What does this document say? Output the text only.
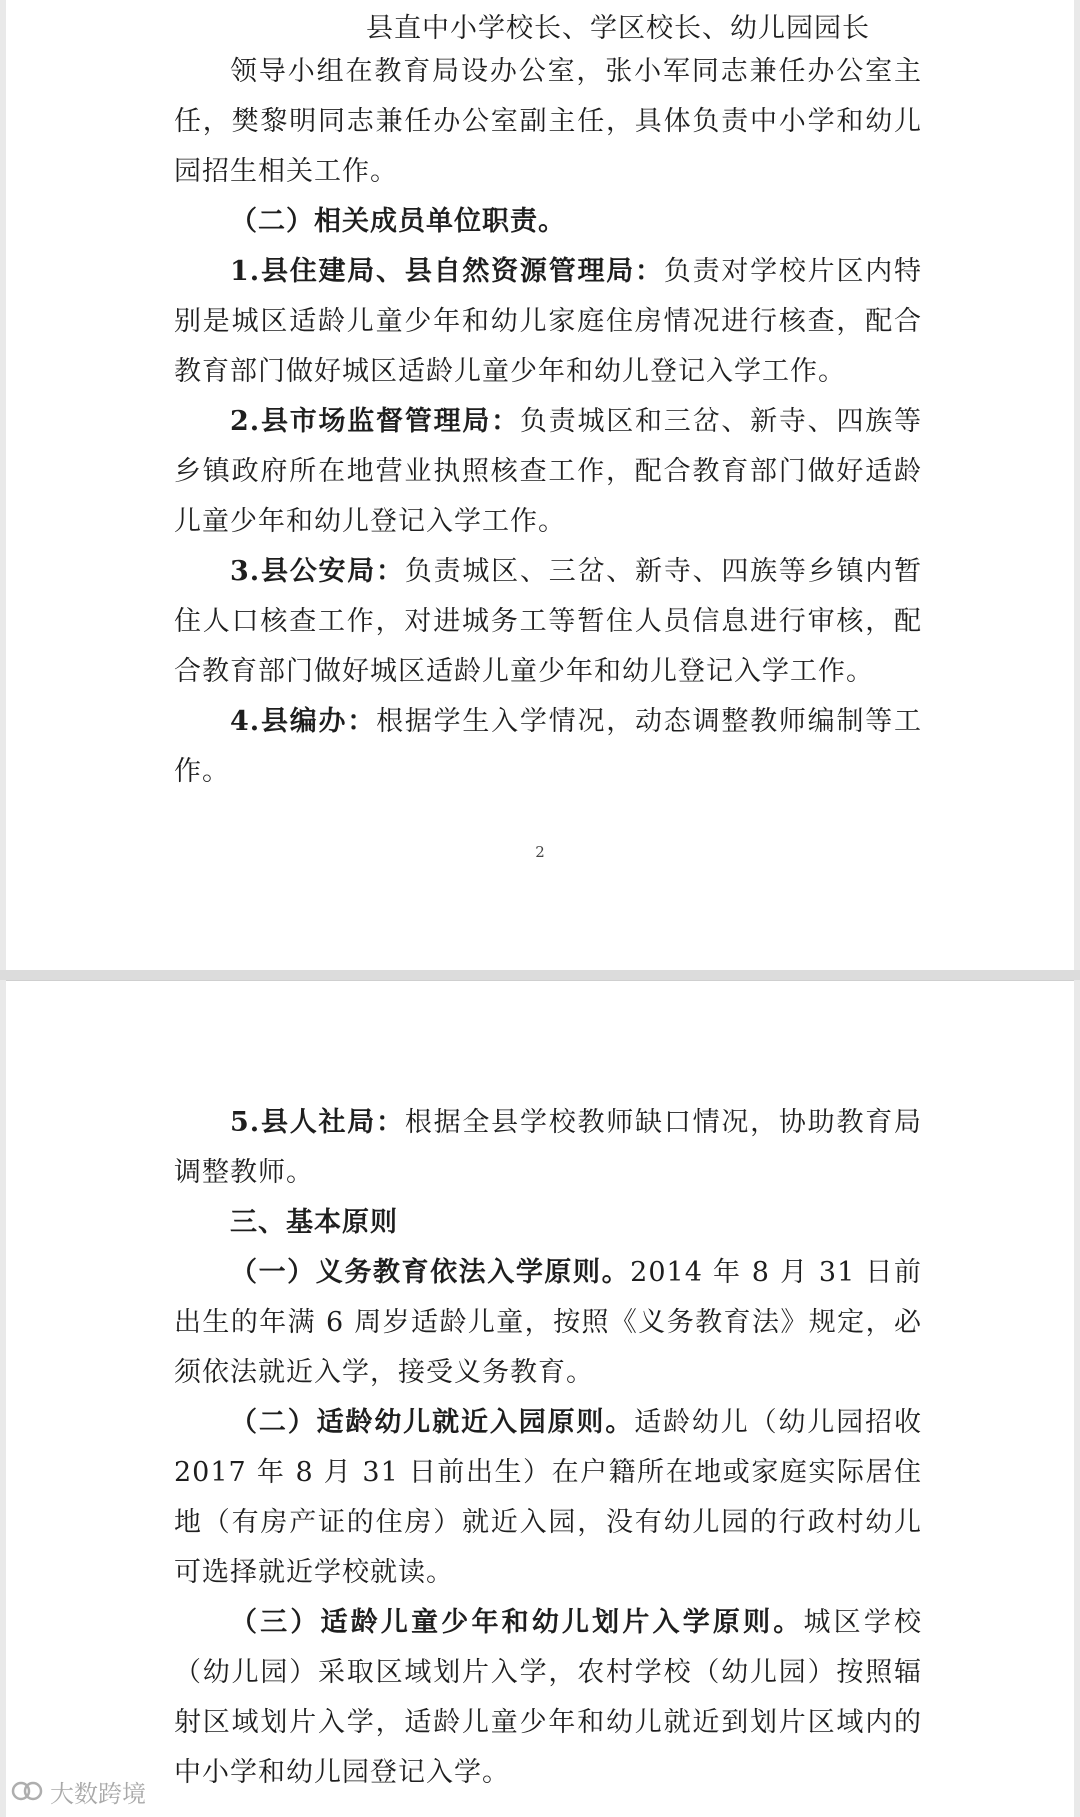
县直中小学校长、学区校长、幼儿园园长

领导小组在教育局设办公室，张小军同志兼任办公室主任，樊黎明同志兼任办公室副主任，具体负责中小学和幼儿园招生相关工作。

（二）相关成员单位职责。

1.县住建局、县自然资源管理局：负责对学校片区内特别是城区适龄儿童少年和幼儿家庭住房情况进行核查，配合教育部门做好城区适龄儿童少年和幼儿登记入学工作。

2.县市场监督管理局：负责城区和三岔、新寺、四族等乡镇政府所在地营业执照核查工作，配合教育部门做好适龄儿童少年和幼儿登记入学工作。

3.县公安局：负责城区、三岔、新寺、四族等乡镇内暂住人口核查工作，对进城务工等暂住人员信息进行审核，配合教育部门做好城区适龄儿童少年和幼儿登记入学工作。

4.县编办：根据学生入学情况，动态调整教师编制等工作。

2

5.县人社局：根据全县学校教师缺口情况，协助教育局调整教师。

三、基本原则

（一）义务教育依法入学原则。2014 年 8 月 31 日前出生的年满 6 周岁适龄儿童，按照《义务教育法》规定，必须依法就近入学，接受义务教育。

（二）适龄幼儿就近入园原则。适龄幼儿（幼儿园招收 2017 年 8 月 31 日前出生）在户籍所在地或家庭实际居住地（有房产证的住房）就近入园，没有幼儿园的行政村幼儿可选择就近学校就读。

（三）适龄儿童少年和幼儿划片入学原则。城区学校（幼儿园）采取区域划片入学，农村学校（幼儿园）按照辐射区域划片入学，适龄儿童少年和幼儿就近到划片区域内的中小学和幼儿园登记入学。

大数跨境
